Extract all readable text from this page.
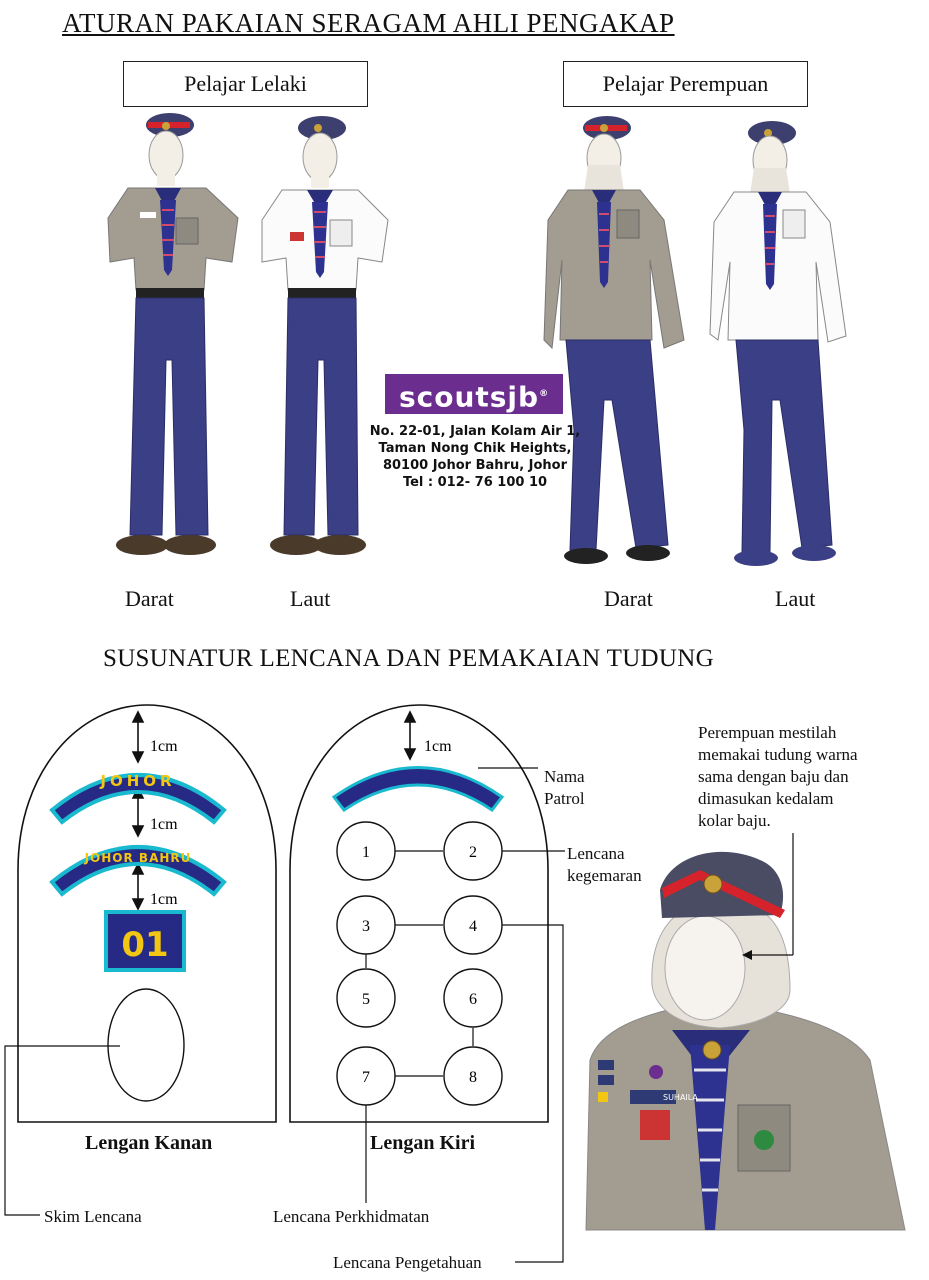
ATURAN PAKAIAN SERAGAM AHLI PENGAKAP
Pelajar Lelaki	Pelajar Perempuan
1cm
1cm
1cm
1cm
JOHOR
JOHOR BAHRU
01
1	2
3	4
5	6
7	8
SUHAILA
Darat	Laut	Darat	Laut
scoutsjb®
No. 22-01, Jalan Kolam Air 1,
Taman Nong Chik Heights,
80100 Johor Bahru, Johor
Tel : 012- 76 100 10
SUSUNATUR LENCANA DAN PEMAKAIAN TUDUNG
Nama
Patrol
Lencana
kegemaran
Perempuan mestilah
memakai tudung warna
sama dengan baju dan
dimasukan kedalam
kolar baju.
Lengan Kanan	Lengan Kiri
Skim Lencana	Lencana Perkhidmatan
Lencana Pengetahuan
